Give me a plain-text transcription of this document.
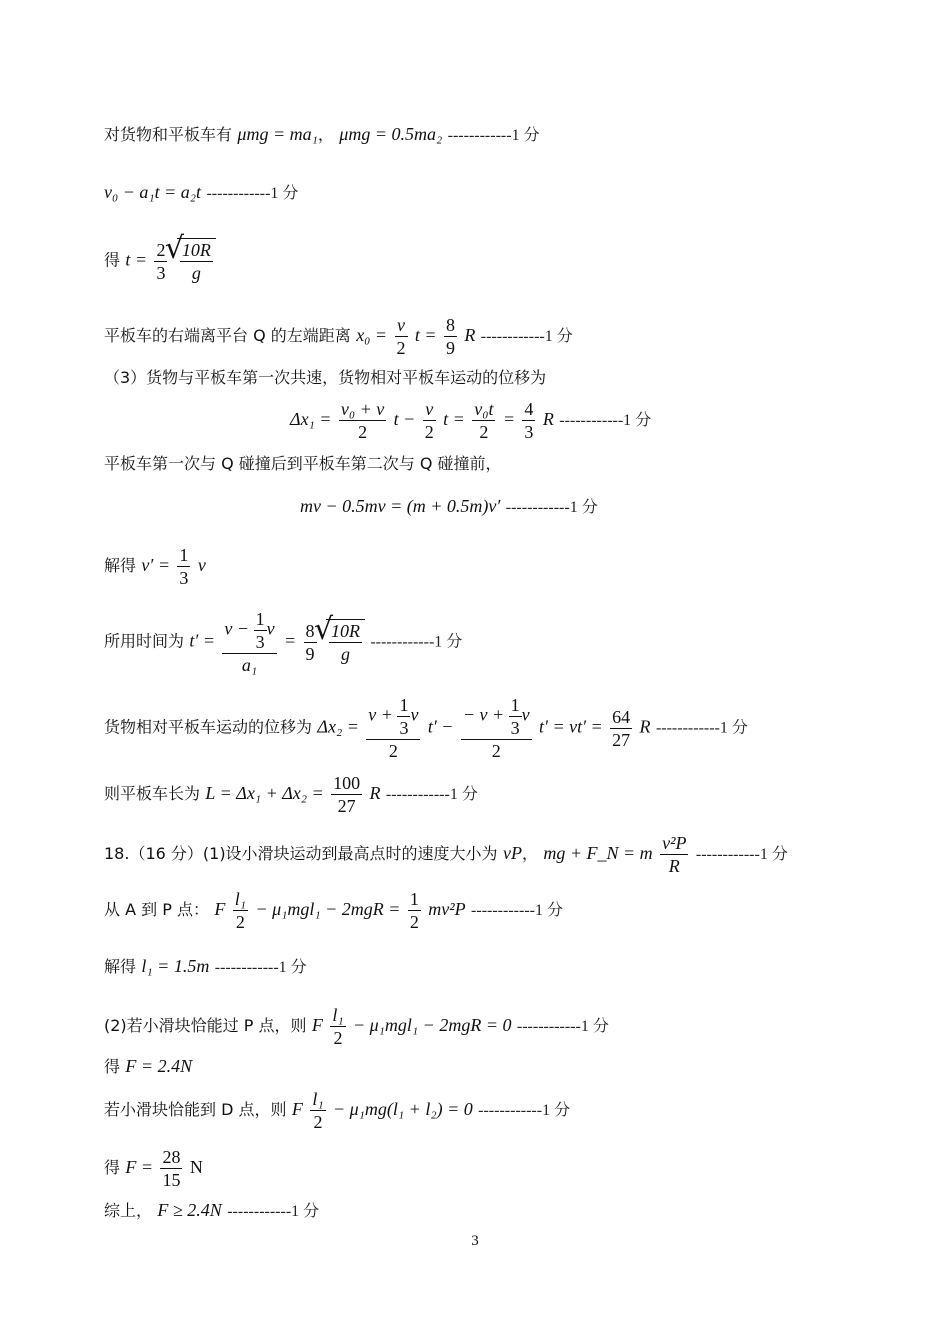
对货物和平板车有 μmg = ma₁， μmg = 0.5ma₂ ------------1 分
v₀ − a₁t = a₂t ------------1 分
得 $t = \frac{2}{3}$
√ $\frac{10R}{g}$
平板车的右端离平台 Q 的左端距离 $x_0 = \frac{v}{2}$ $t = \frac{8}{9}$ R ------------1 分
（3）货物与平板车第一次共速，货物相对平板车运动的位移为
$\Delta x_1 = \frac{\text{v₀ + v}}{2}$ $t - \frac{v}{2}$ $t = \frac{\text{v₀t}}{2} = \frac{4}{3}$ R ------------1 分
平板车第一次与 Q 碰撞后到平板车第二次与 Q 碰撞前，
mv − 0.5mv = (m + 0.5m)v′ ------------1 分
解得 $v' = \frac{1}{3}$ v
所用时间为 $t' = \frac{v - \frac{1}{3} v}{\text{a₁}} = \frac{8}{9}$
√ $\frac{10R}{g} ------------1$ 分
货物相对平板车运动的位移为 $\Delta x_2 = \frac{v + \frac{1}{3} v}{2} t' - \frac{- v + \frac{1}{3} v}{2} t' = vt' = \frac{64}{27}$ R ------------1 分
则平板车长为 $L = \Delta x_1 + \Delta x_2 = \frac{100}{27}$ R ------------1 分
18.（16 分）(1)设小滑块运动到最高点时的速度大小为 vP， mg + F_N = m $\frac{\text{v²P}}{R} ------------1$ 分
从 A 到 P 点： F $\frac{\text{l₁}}{2} - \mu_1mgl_1 - 2mgR = \frac{1}{2} mv^2P$ ------------1 分
解得 l₁ = 1.5m ------------1 分
(2)若小滑块恰能过 P 点，则 F $\frac{\text{l₁}}{2} - \mu_1mgl_1 - 2mgR = 0$ ------------1 分
得 F = 2.4N
若小滑块恰能到 D 点，则 F $\frac{\text{l₁}}{2} - \mu_1mg(l_1 + l_2) = 0$ ------------1 分
得 $F = \frac{28}{15}$ N
综上， F ≥ 2.4N ------------1 分
3
